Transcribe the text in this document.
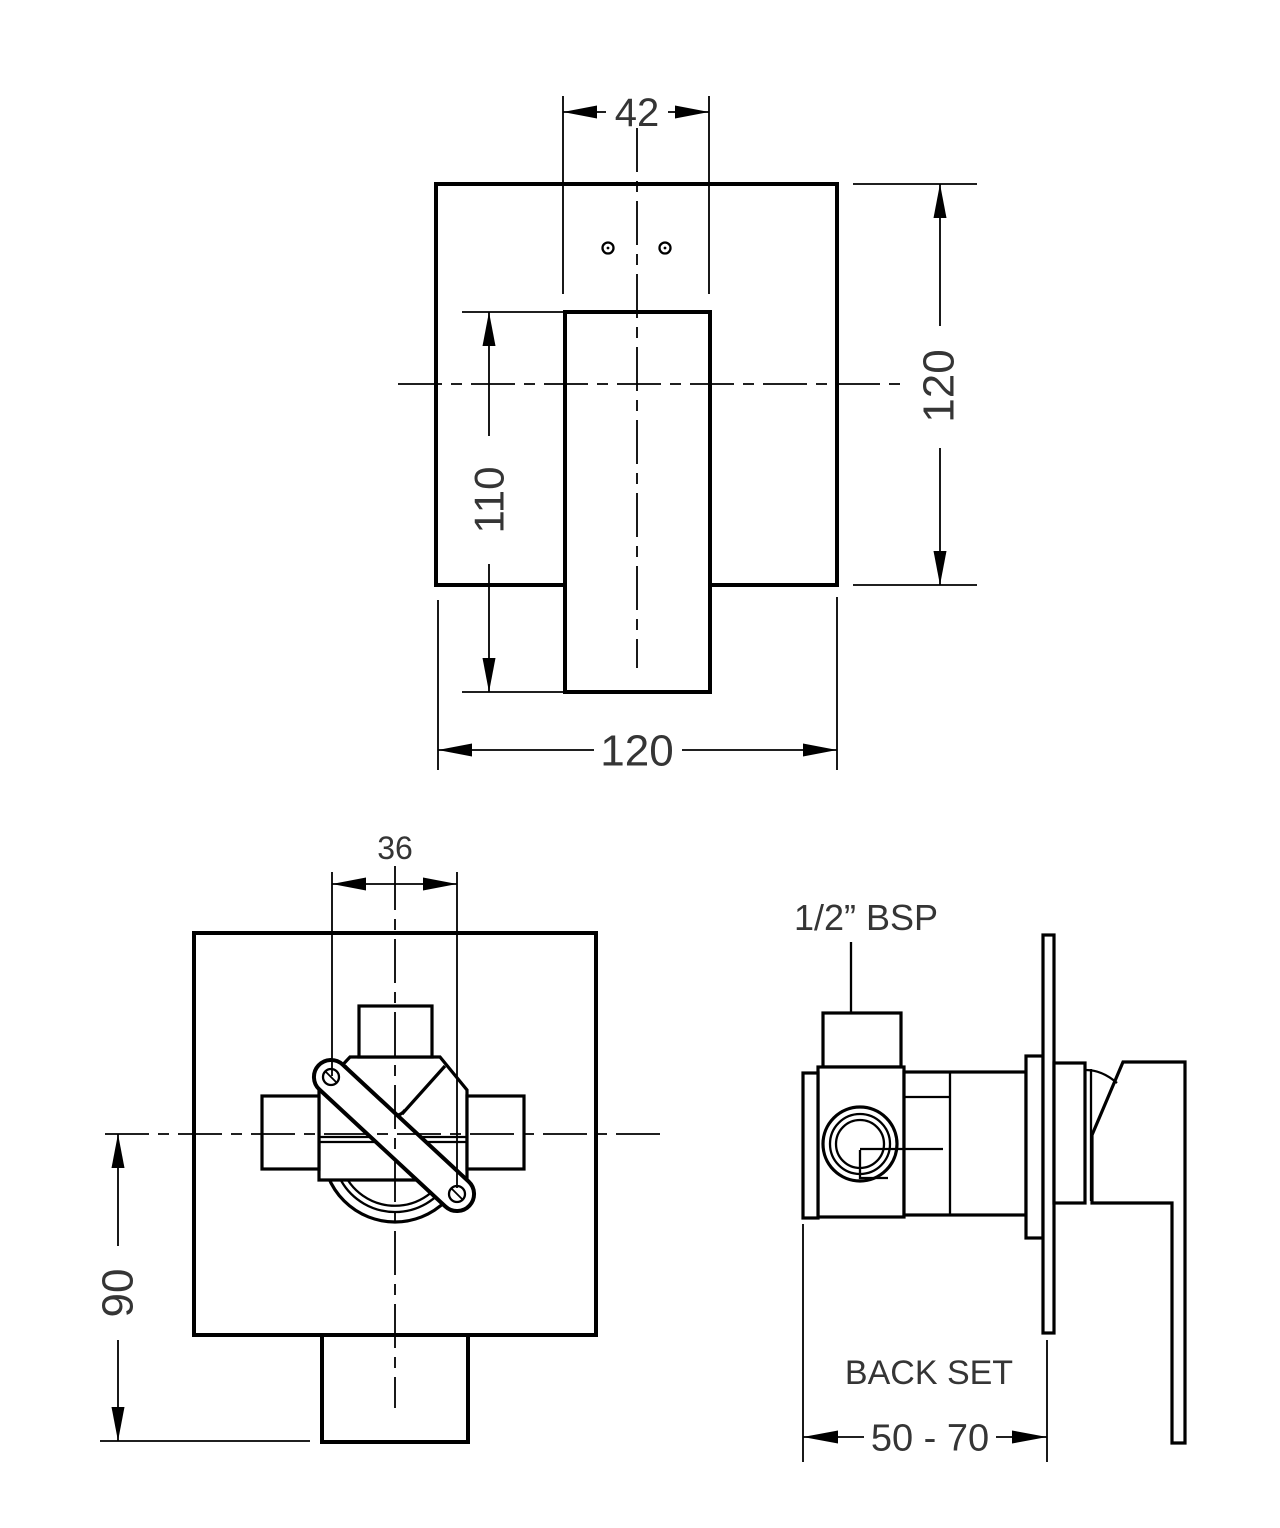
42
110
120
120
36
90
1/2” BSP
BACK SET
50 - 70
